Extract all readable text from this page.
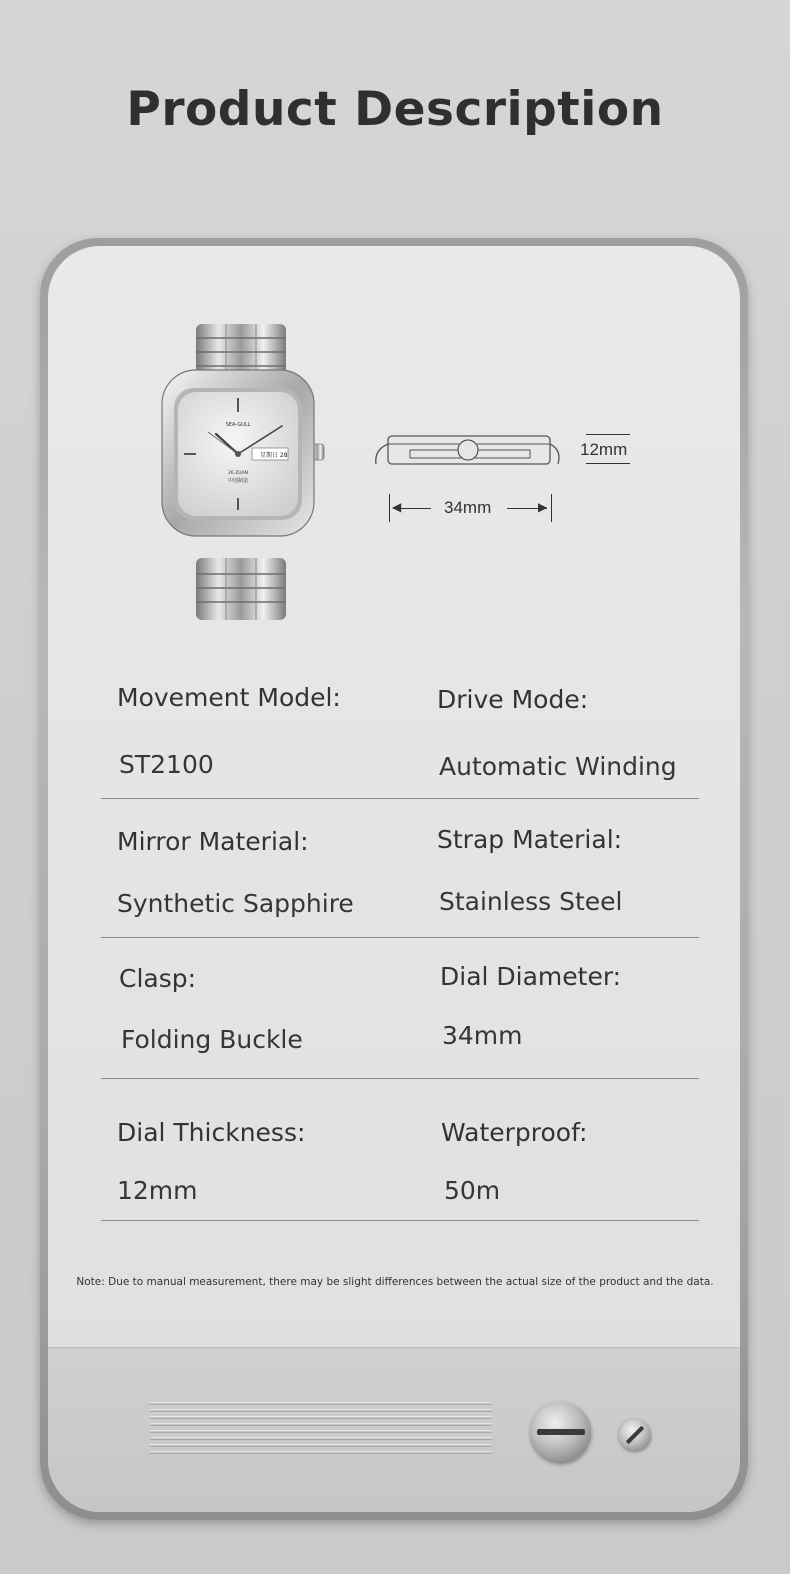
Product Description
SEA-GULL
星期日 28
26 ZUAN
中国制造
12mm
◀	▶
34mm
Movement Model:	Drive Mode:
ST2100	Automatic Winding
Mirror Material:	Strap Material:
Synthetic Sapphire	Stainless Steel
Clasp:	Dial Diameter:
Folding Buckle	34mm
Dial Thickness:	Waterproof:
12mm	50m
Note: Due to manual measurement, there may be slight differences between the actual size of the product and the data.
